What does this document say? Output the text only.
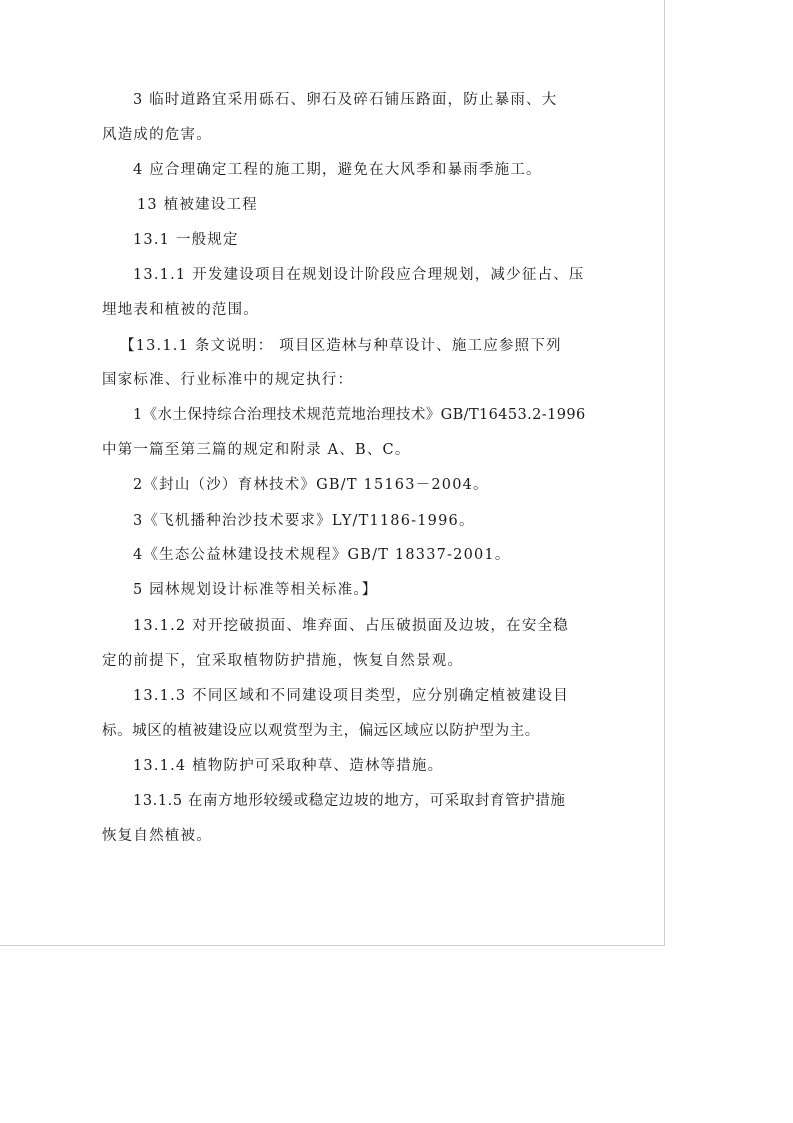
3 临时道路宜采用砾石、卵石及碎石铺压路面，防止暴雨、大

风造成的危害。

4 应合理确定工程的施工期，避免在大风季和暴雨季施工。

13 植被建设工程

13.1 一般规定

13.1.1 开发建设项目在规划设计阶段应合理规划，减少征占、压

埋地表和植被的范围。

【13.1.1 条文说明： 项目区造林与种草设计、施工应参照下列

国家标准、行业标准中的规定执行：

1《水土保持综合治理技术规范荒地治理技术》GB/T16453.2-1996

中第一篇至第三篇的规定和附录 A、B、C。

2《封山（沙）育林技术》GB/T 15163－2004。

3《飞机播种治沙技术要求》LY/T1186-1996。

4《生态公益林建设技术规程》GB/T 18337-2001。

5 园林规划设计标准等相关标准。】

13.1.2 对开挖破损面、堆弃面、占压破损面及边坡，在安全稳

定的前提下，宜采取植物防护措施，恢复自然景观。

13.1.3 不同区域和不同建设项目类型，应分别确定植被建设目

标。城区的植被建设应以观赏型为主，偏远区域应以防护型为主。

13.1.4 植物防护可采取种草、造林等措施。

13.1.5 在南方地形较缓或稳定边坡的地方，可采取封育管护措施

恢复自然植被。
